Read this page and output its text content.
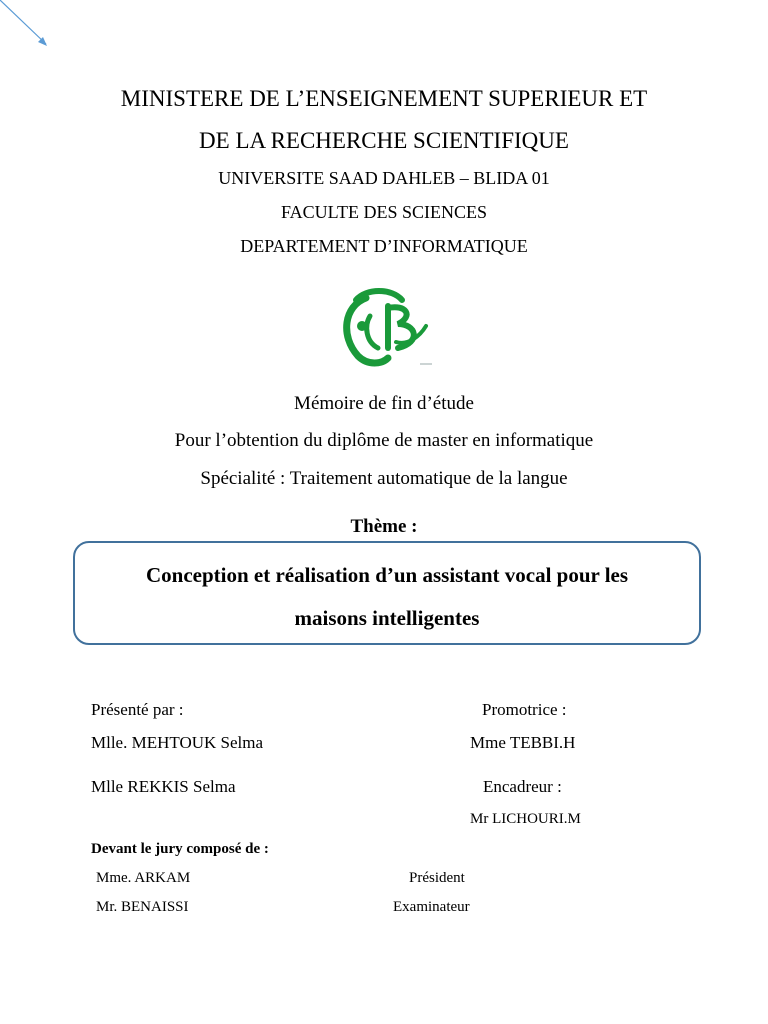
MINISTERE DE L’ENSEIGNEMENT SUPERIEUR ET
DE LA RECHERCHE SCIENTIFIQUE
UNIVERSITE SAAD DAHLEB – BLIDA 01
FACULTE DES SCIENCES
DEPARTEMENT D’INFORMATIQUE
Mémoire de fin d’étude
Pour l’obtention du diplôme de master en informatique
Spécialité : Traitement automatique de la langue
Thème :
Conception et réalisation d’un assistant vocal pour les
maisons intelligentes
Présenté par :
Mlle. MEHTOUK Selma
Mlle REKKIS Selma
Promotrice :
Mme TEBBI.H
Encadreur :
Mr LICHOURI.M
Devant le jury composé de :
Mme. ARKAM	Président
Mr. BENAISSI	Examinateur
